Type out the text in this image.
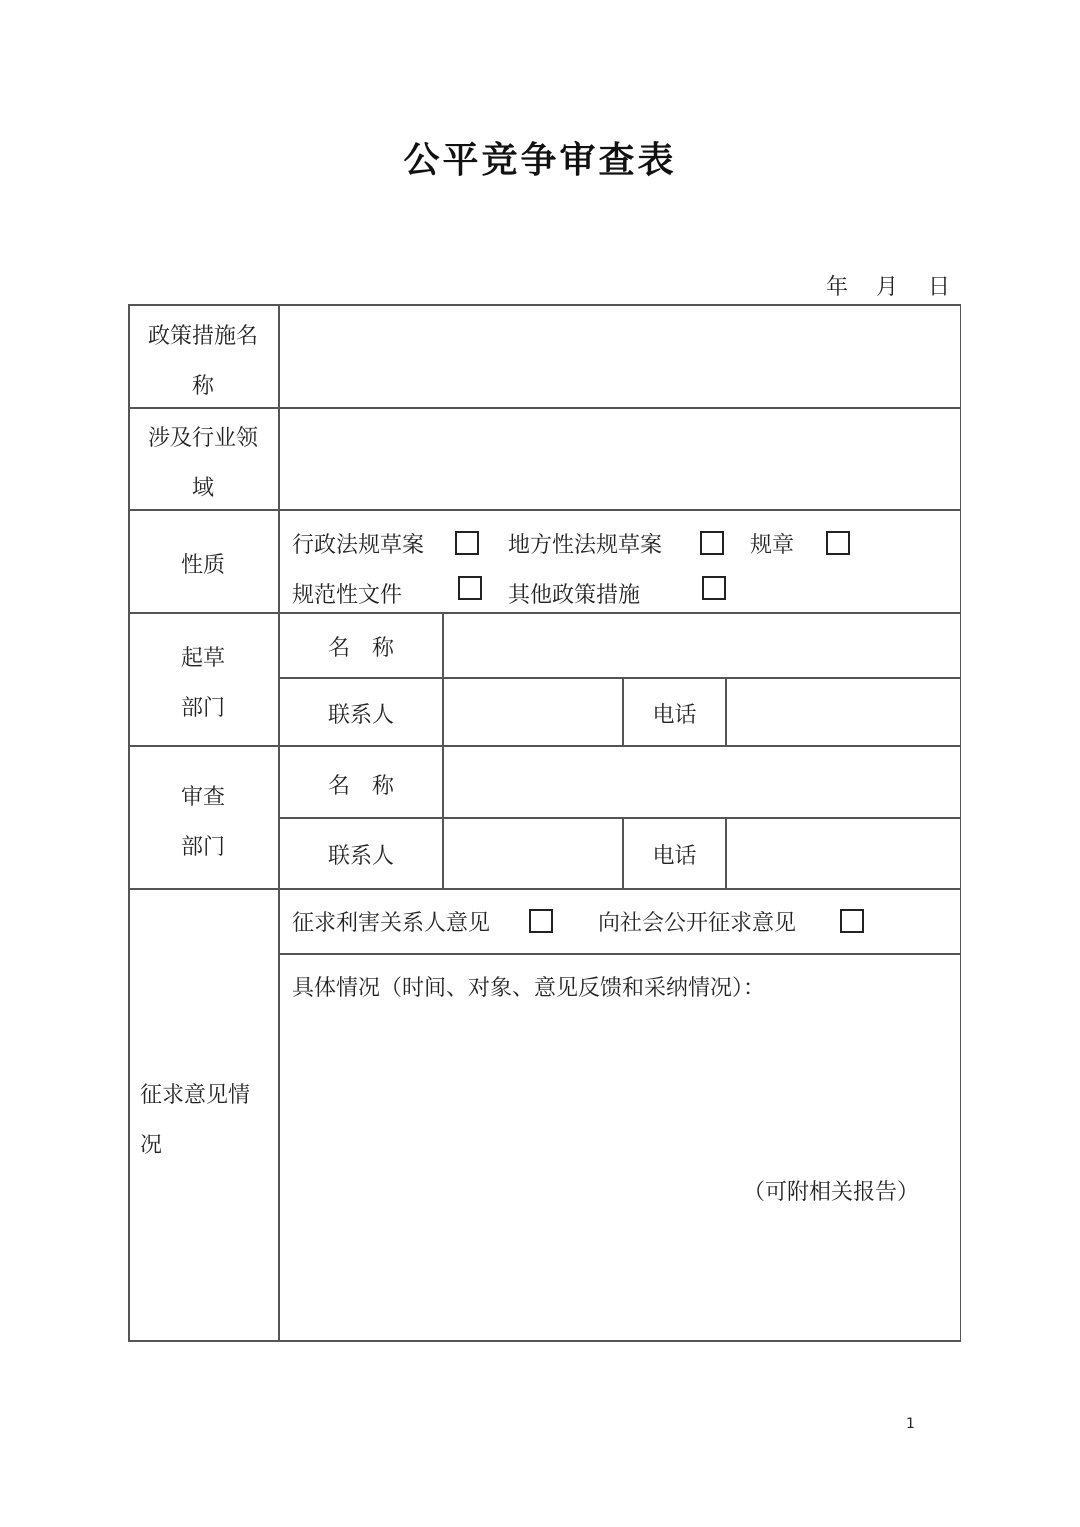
公平竞争审查表
年 月 日
政策措施名
称
涉及行业领
域
性质
行政法规草案	地方性法规草案	规章
规范性文件	其他政策措施
起草
部门
名　称
联系人	电话
审查
部门
名　称
联系人	电话
征求意见情
况
征求利害关系人意见	向社会公开征求意见
具体情况（时间、对象、意见反馈和采纳情况）：
（可附相关报告）
1
